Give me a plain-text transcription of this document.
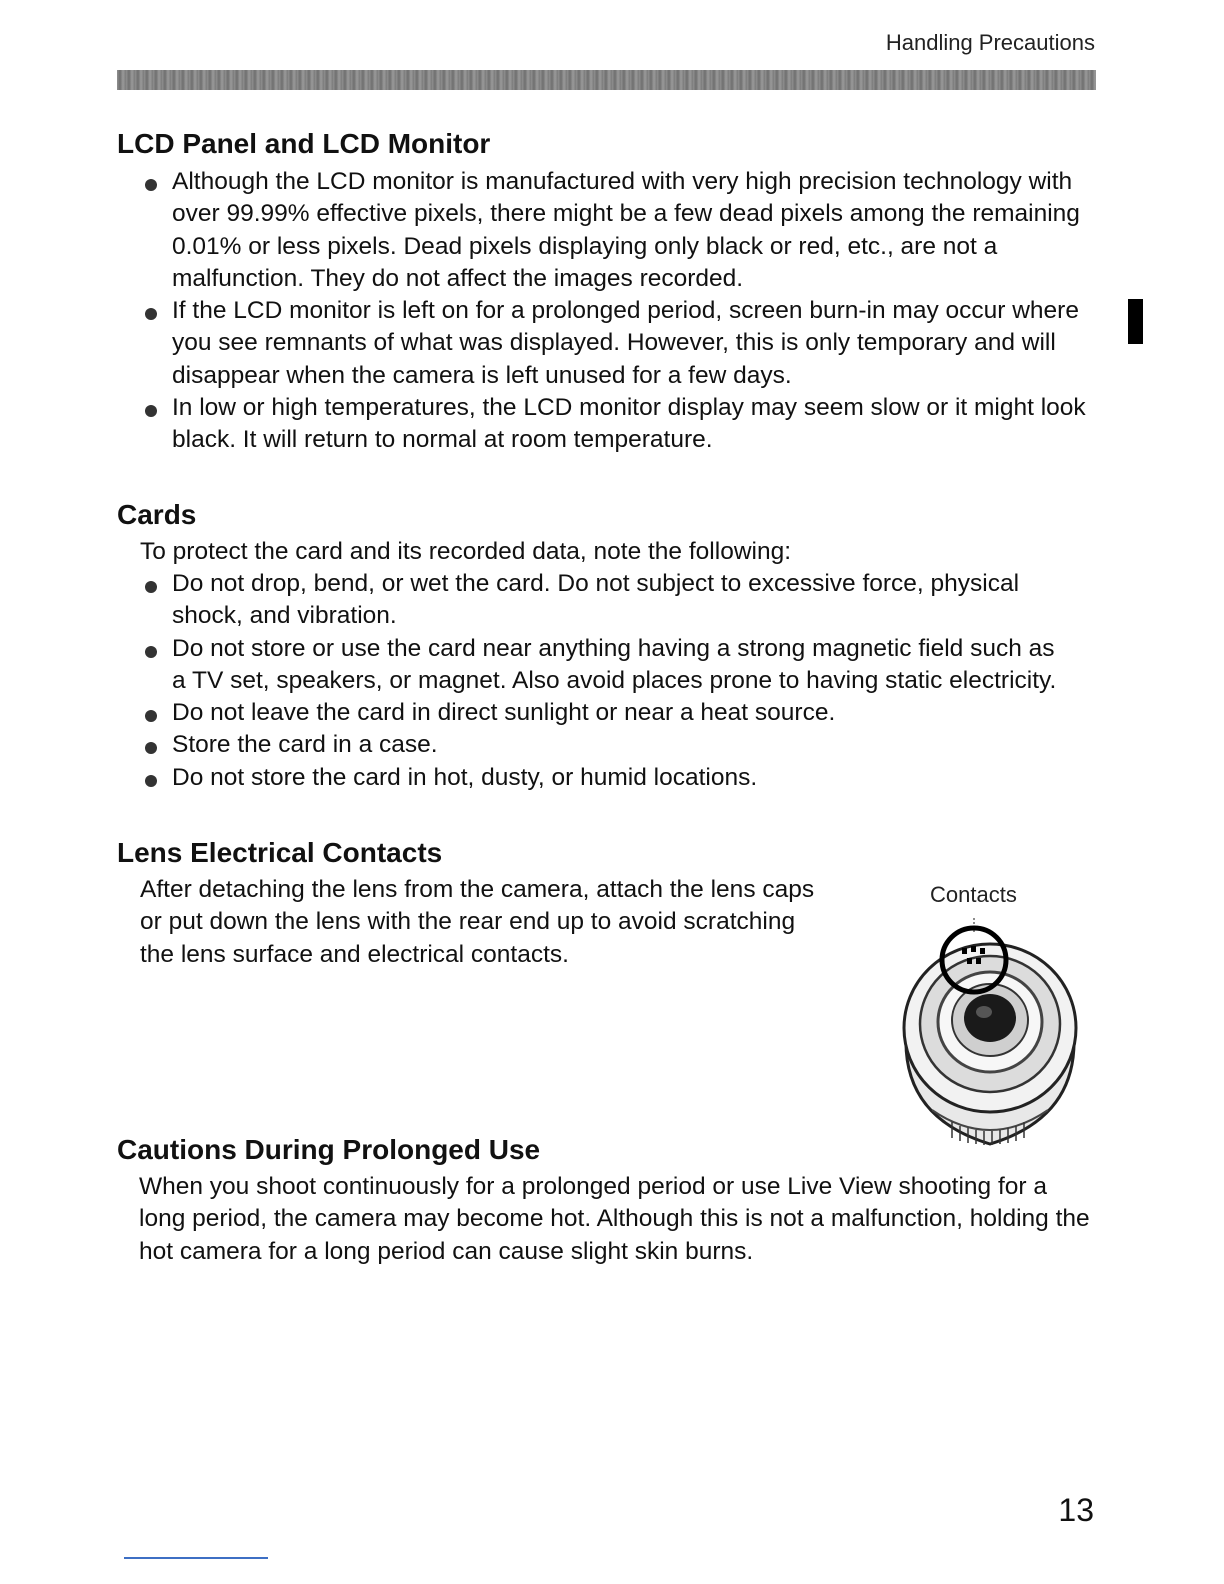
Handling Precautions
LCD Panel and LCD Monitor
Although the LCD monitor is manufactured with very high precision technology with over 99.99% effective pixels, there might be a few dead pixels among the remaining 0.01% or less pixels. Dead pixels displaying only black or red, etc., are not a malfunction. They do not affect the images recorded.
If the LCD monitor is left on for a prolonged period, screen burn-in may occur where you see remnants of what was displayed. However, this is only temporary and will disappear when the camera is left unused for a few days.
In low or high temperatures, the LCD monitor display may seem slow or it might look black. It will return to normal at room temperature.
Cards

To protect the card and its recorded data, note the following:

Do not drop, bend, or wet the card. Do not subject to excessive force, physical shock, and vibration.
Do not store or use the card near anything having a strong magnetic field such as a TV set, speakers, or magnet. Also avoid places prone to having static electricity.
Do not leave the card in direct sunlight or near a heat source.
Store the card in a case.
Do not store the card in hot, dusty, or humid locations.
Lens Electrical Contacts

After detaching the lens from the camera, attach the lens caps or put down the lens with the rear end up to avoid scratching the lens surface and electrical contacts.

Contacts
Cautions During Prolonged Use

When you shoot continuously for a prolonged period or use Live View shooting for a long period, the camera may become hot. Although this is not a malfunction, holding the hot camera for a long period can cause slight skin burns.

13
